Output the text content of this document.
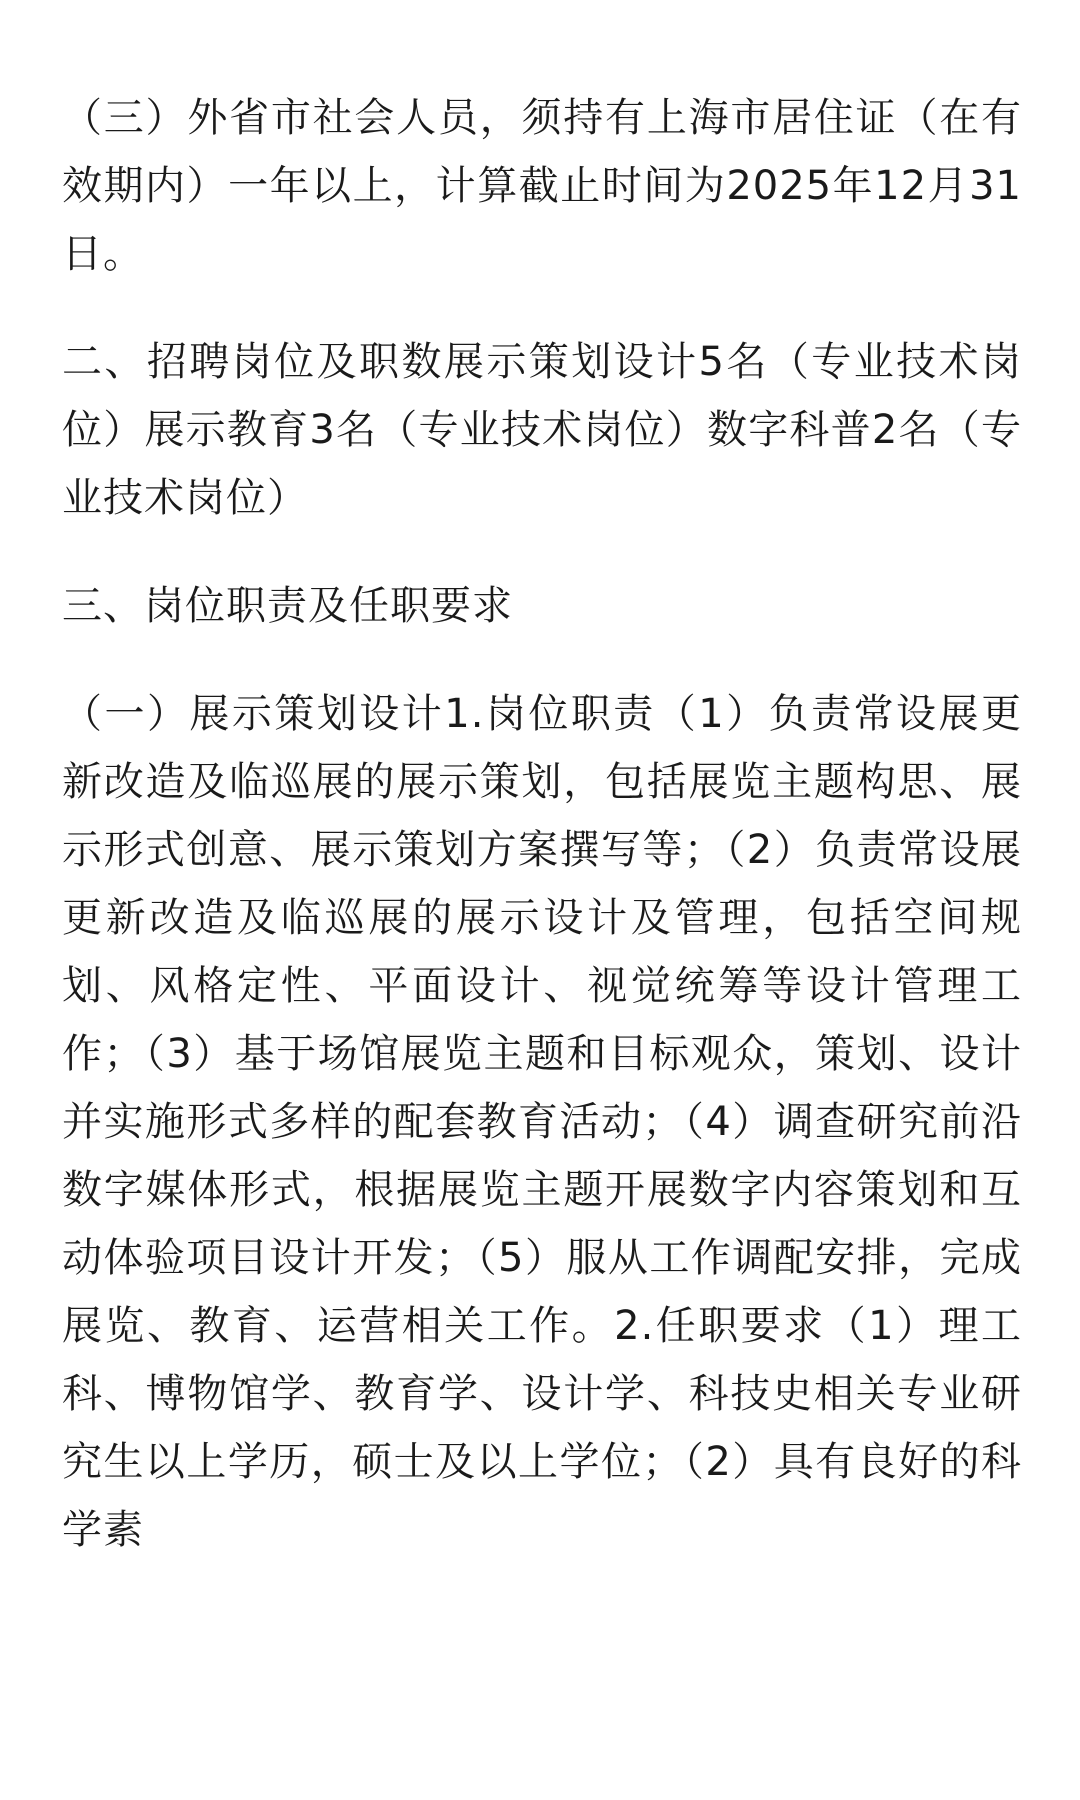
（三）外省市社会人员，须持有上海市居住证（在有效期内）一年以上，计算截止时间为2025年12月31日。

二、招聘岗位及职数展示策划设计5名（专业技术岗位）展示教育3名（专业技术岗位）数字科普2名（专业技术岗位）

三、岗位职责及任职要求

（一）展示策划设计1.岗位职责（1）负责常设展更新改造及临巡展的展示策划，包括展览主题构思、展示形式创意、展示策划方案撰写等；（2）负责常设展更新改造及临巡展的展示设计及管理，包括空间规划、风格定性、平面设计、视觉统筹等设计管理工作；（3）基于场馆展览主题和目标观众，策划、设计并实施形式多样的配套教育活动；（4）调查研究前沿数字媒体形式，根据展览主题开展数字内容策划和互动体验项目设计开发；（5）服从工作调配安排，完成展览、教育、运营相关工作。2.任职要求（1）理工科、博物馆学、教育学、设计学、科技史相关专业研究生以上学历，硕士及以上学位；（2）具有良好的科学素
